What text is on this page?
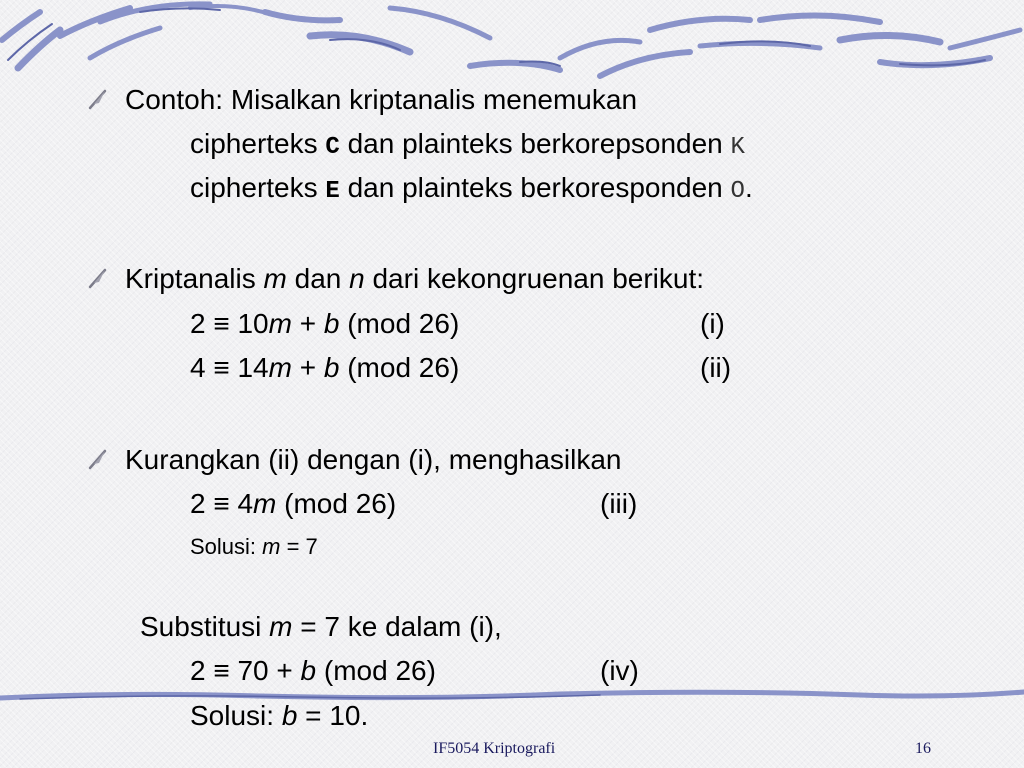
Contoh: Misalkan kriptanalis menemukan
cipherteks C dan plainteks berkorepsonden K
cipherteks E dan plainteks berkoresponden O.
Kriptanalis m dan n dari kekongruenan berikut:
2 ≡ 10m + b (mod 26)	(i)
4 ≡ 14m + b (mod 26)	(ii)
Kurangkan (ii) dengan (i), menghasilkan
2 ≡ 4m (mod 26)	(iii)
Solusi: m = 7
Substitusi m = 7 ke dalam (i),
2 ≡ 70 + b (mod 26)	(iv)
Solusi: b = 10.
IF5054 Kriptografi	16
